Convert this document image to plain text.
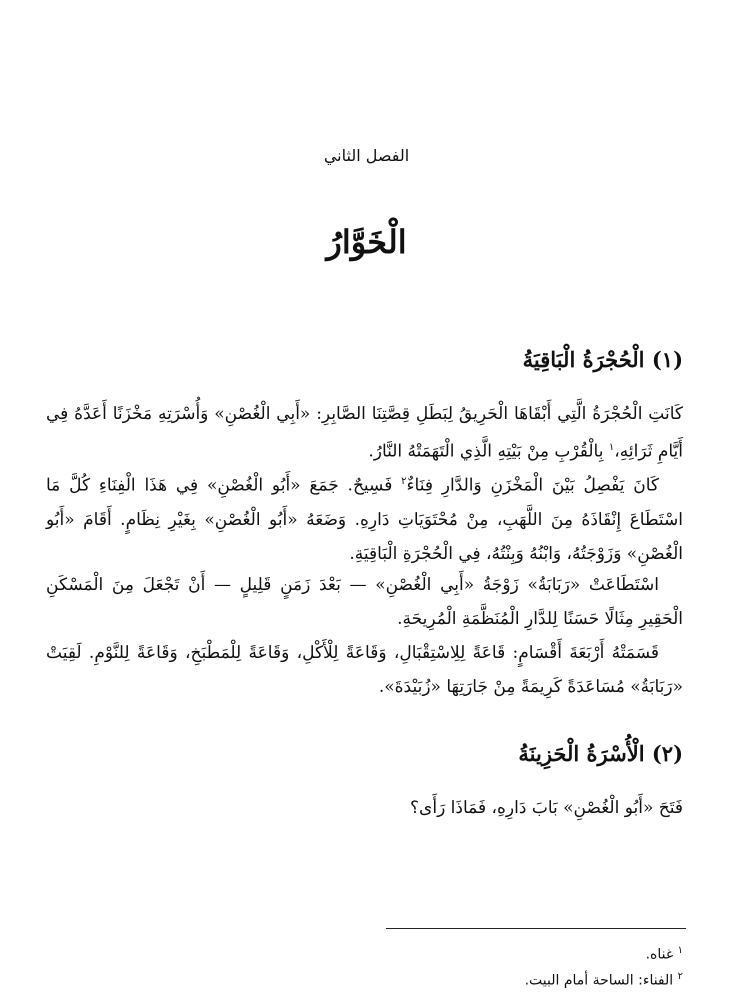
الفصل الثاني
الْخَوَّارُ
(١) الْحُجْرَةُ الْبَاقِيَةُ

كَانَتِ الْحُجْرَةُ الَّتِي أَبْقَاهَا الْحَرِيقُ لِبَطَلِ قِصَّتِنَا الصَّابِرِ: «أَبِي الْغُصْنِ» وَأُسْرَتِهِ مَخْزَنًا أَعَدَّهُ فِي أَيَّامِ ثَرَائِهِ،$^١$ بِالْقُرْبِ مِنْ بَيْتِهِ الَّذِي الْتَهَمَتْهُ النَّارُ.

كَانَ يَفْصِلُ بَيْنَ الْمَخْزَنِ وَالدَّارِ فِنَاءٌ$^٢$ فَسِيحٌ. جَمَعَ «أَبُو الْغُصْنِ» فِي هَذَا الْفِنَاءِ كُلَّ مَا اسْتَطَاعَ إِنْقَاذَهُ مِنَ اللَّهَبِ، مِنْ مُحْتَوَيَاتِ دَارِهِ. وَضَعَهُ «أَبُو الْغُصْنِ» بِغَيْرِ نِظَامٍ. أَقَامَ «أَبُو الْغُصْنِ» وَزَوْجَتُهُ، وَابْنُهُ وَبِنْتُهُ، فِي الْحُجْرَةِ الْبَاقِيَةِ.

اسْتَطَاعَتْ «رَبَابَةُ» زَوْجَةُ «أَبِي الْغُصْنِ» — بَعْدَ زَمَنٍ قَلِيلٍ — أَنْ تَجْعَلَ مِنَ الْمَسْكَنِ الْحَقِيرِ مِثَالًا حَسَنًا لِلدَّارِ الْمُنَظَّمَةِ الْمُرِيحَةِ.

قَسَمَتْهُ أَرْبَعَةَ أَقْسَامٍ: قَاعَةً لِلِاسْتِقْبَالِ، وَقَاعَةً لِلْأَكْلِ، وَقَاعَةً لِلْمَطْبَخِ، وَقَاعَةً لِلنَّوْمِ. لَقِيَتْ «رَبَابَةُ» مُسَاعَدَةً كَرِيمَةً مِنْ جَارَتِهَا «زُبَيْدَةَ».

(٢) الْأُسْرَةُ الْحَزِينَةُ

فَتَحَ «أَبُو الْغُصْنِ» بَابَ دَارِهِ، فَمَاذَا رَأَى؟

$^١$ غناه.
$^٢$ الفناء: الساحة أمام البيت.
